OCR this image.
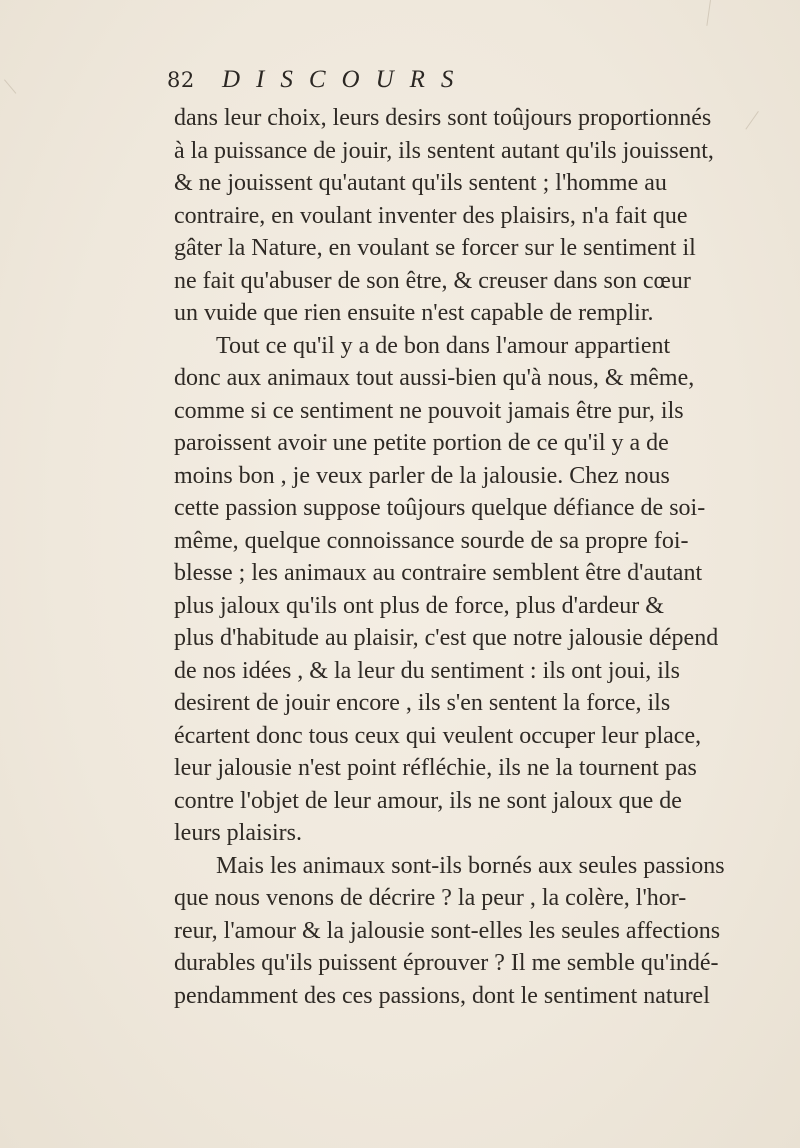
82 DISCOURS
dans leur choix, leurs desirs sont toûjours proportionnés
à la puissance de jouir, ils sentent autant qu'ils jouissent,
& ne jouissent qu'autant qu'ils sentent ; l'homme au
contraire, en voulant inventer des plaisirs, n'a fait que
gâter la Nature, en voulant se forcer sur le sentiment il
ne fait qu'abuser de son être, & creuser dans son cœur
un vuide que rien ensuite n'est capable de remplir.
Tout ce qu'il y a de bon dans l'amour appartient
donc aux animaux tout aussi-bien qu'à nous, & même,
comme si ce sentiment ne pouvoit jamais être pur, ils
paroissent avoir une petite portion de ce qu'il y a de
moins bon , je veux parler de la jalousie. Chez nous
cette passion suppose toûjours quelque défiance de soi-
même, quelque connoissance sourde de sa propre foi-
blesse ; les animaux au contraire semblent être d'autant
plus jaloux qu'ils ont plus de force, plus d'ardeur &
plus d'habitude au plaisir, c'est que notre jalousie dépend
de nos idées , & la leur du sentiment : ils ont joui, ils
desirent de jouir encore , ils s'en sentent la force, ils
écartent donc tous ceux qui veulent occuper leur place,
leur jalousie n'est point réfléchie, ils ne la tournent pas
contre l'objet de leur amour, ils ne sont jaloux que de
leurs plaisirs.
Mais les animaux sont-ils bornés aux seules passions
que nous venons de décrire ? la peur , la colère, l'hor-
reur, l'amour & la jalousie sont-elles les seules affections
durables qu'ils puissent éprouver ? Il me semble qu'indé-
pendamment des ces passions, dont le sentiment naturel
